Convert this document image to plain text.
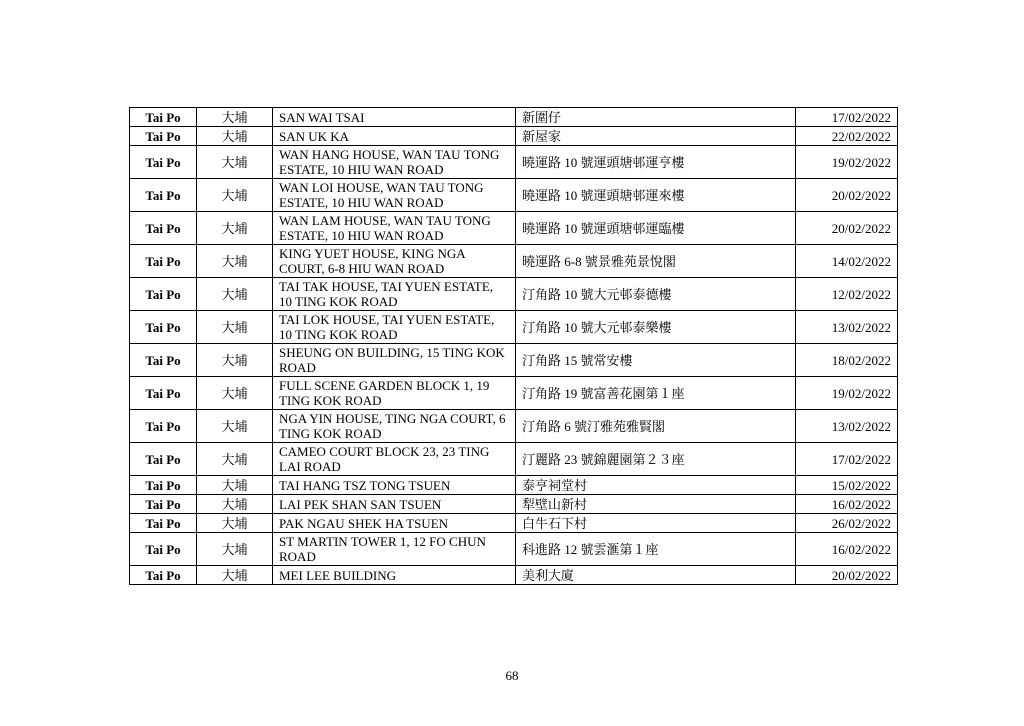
Tai Po	大埔	SAN WAI TSAI	新圍仔	17/02/2022
Tai Po	大埔	SAN UK KA	新屋家	22/02/2022
Tai Po	大埔	WAN HANG HOUSE, WAN TAU TONG ESTATE, 10 HIU WAN ROAD	曉運路 10 號運頭塘邨運亨樓	19/02/2022
Tai Po	大埔	WAN LOI HOUSE, WAN TAU TONG ESTATE, 10 HIU WAN ROAD	曉運路 10 號運頭塘邨運來樓	20/02/2022
Tai Po	大埔	WAN LAM HOUSE, WAN TAU TONG ESTATE, 10 HIU WAN ROAD	曉運路 10 號運頭塘邨運臨樓	20/02/2022
Tai Po	大埔	KING YUET HOUSE, KING NGA COURT, 6-8 HIU WAN ROAD	曉運路 6-8 號景雅苑景悅閣	14/02/2022
Tai Po	大埔	TAI TAK HOUSE, TAI YUEN ESTATE, 10 TING KOK ROAD	汀角路 10 號大元邨泰德樓	12/02/2022
Tai Po	大埔	TAI LOK HOUSE, TAI YUEN ESTATE, 10 TING KOK ROAD	汀角路 10 號大元邨泰樂樓	13/02/2022
Tai Po	大埔	SHEUNG ON BUILDING, 15 TING KOK ROAD	汀角路 15 號常安樓	18/02/2022
Tai Po	大埔	FULL SCENE GARDEN BLOCK 1, 19 TING KOK ROAD	汀角路 19 號富善花園第１座	19/02/2022
Tai Po	大埔	NGA YIN HOUSE, TING NGA COURT, 6 TING KOK ROAD	汀角路 6 號汀雅苑雅賢閣	13/02/2022
Tai Po	大埔	CAMEO COURT BLOCK 23, 23 TING LAI ROAD	汀麗路 23 號錦麗園第２３座	17/02/2022
Tai Po	大埔	TAI HANG TSZ TONG TSUEN	泰亨祠堂村	15/02/2022
Tai Po	大埔	LAI PEK SHAN SAN TSUEN	犁壁山新村	16/02/2022
Tai Po	大埔	PAK NGAU SHEK HA TSUEN	白牛石下村	26/02/2022
Tai Po	大埔	ST MARTIN TOWER 1, 12 FO CHUN ROAD	科進路 12 號雲滙第１座	16/02/2022
Tai Po	大埔	MEI LEE BUILDING	美利大廈	20/02/2022
68
